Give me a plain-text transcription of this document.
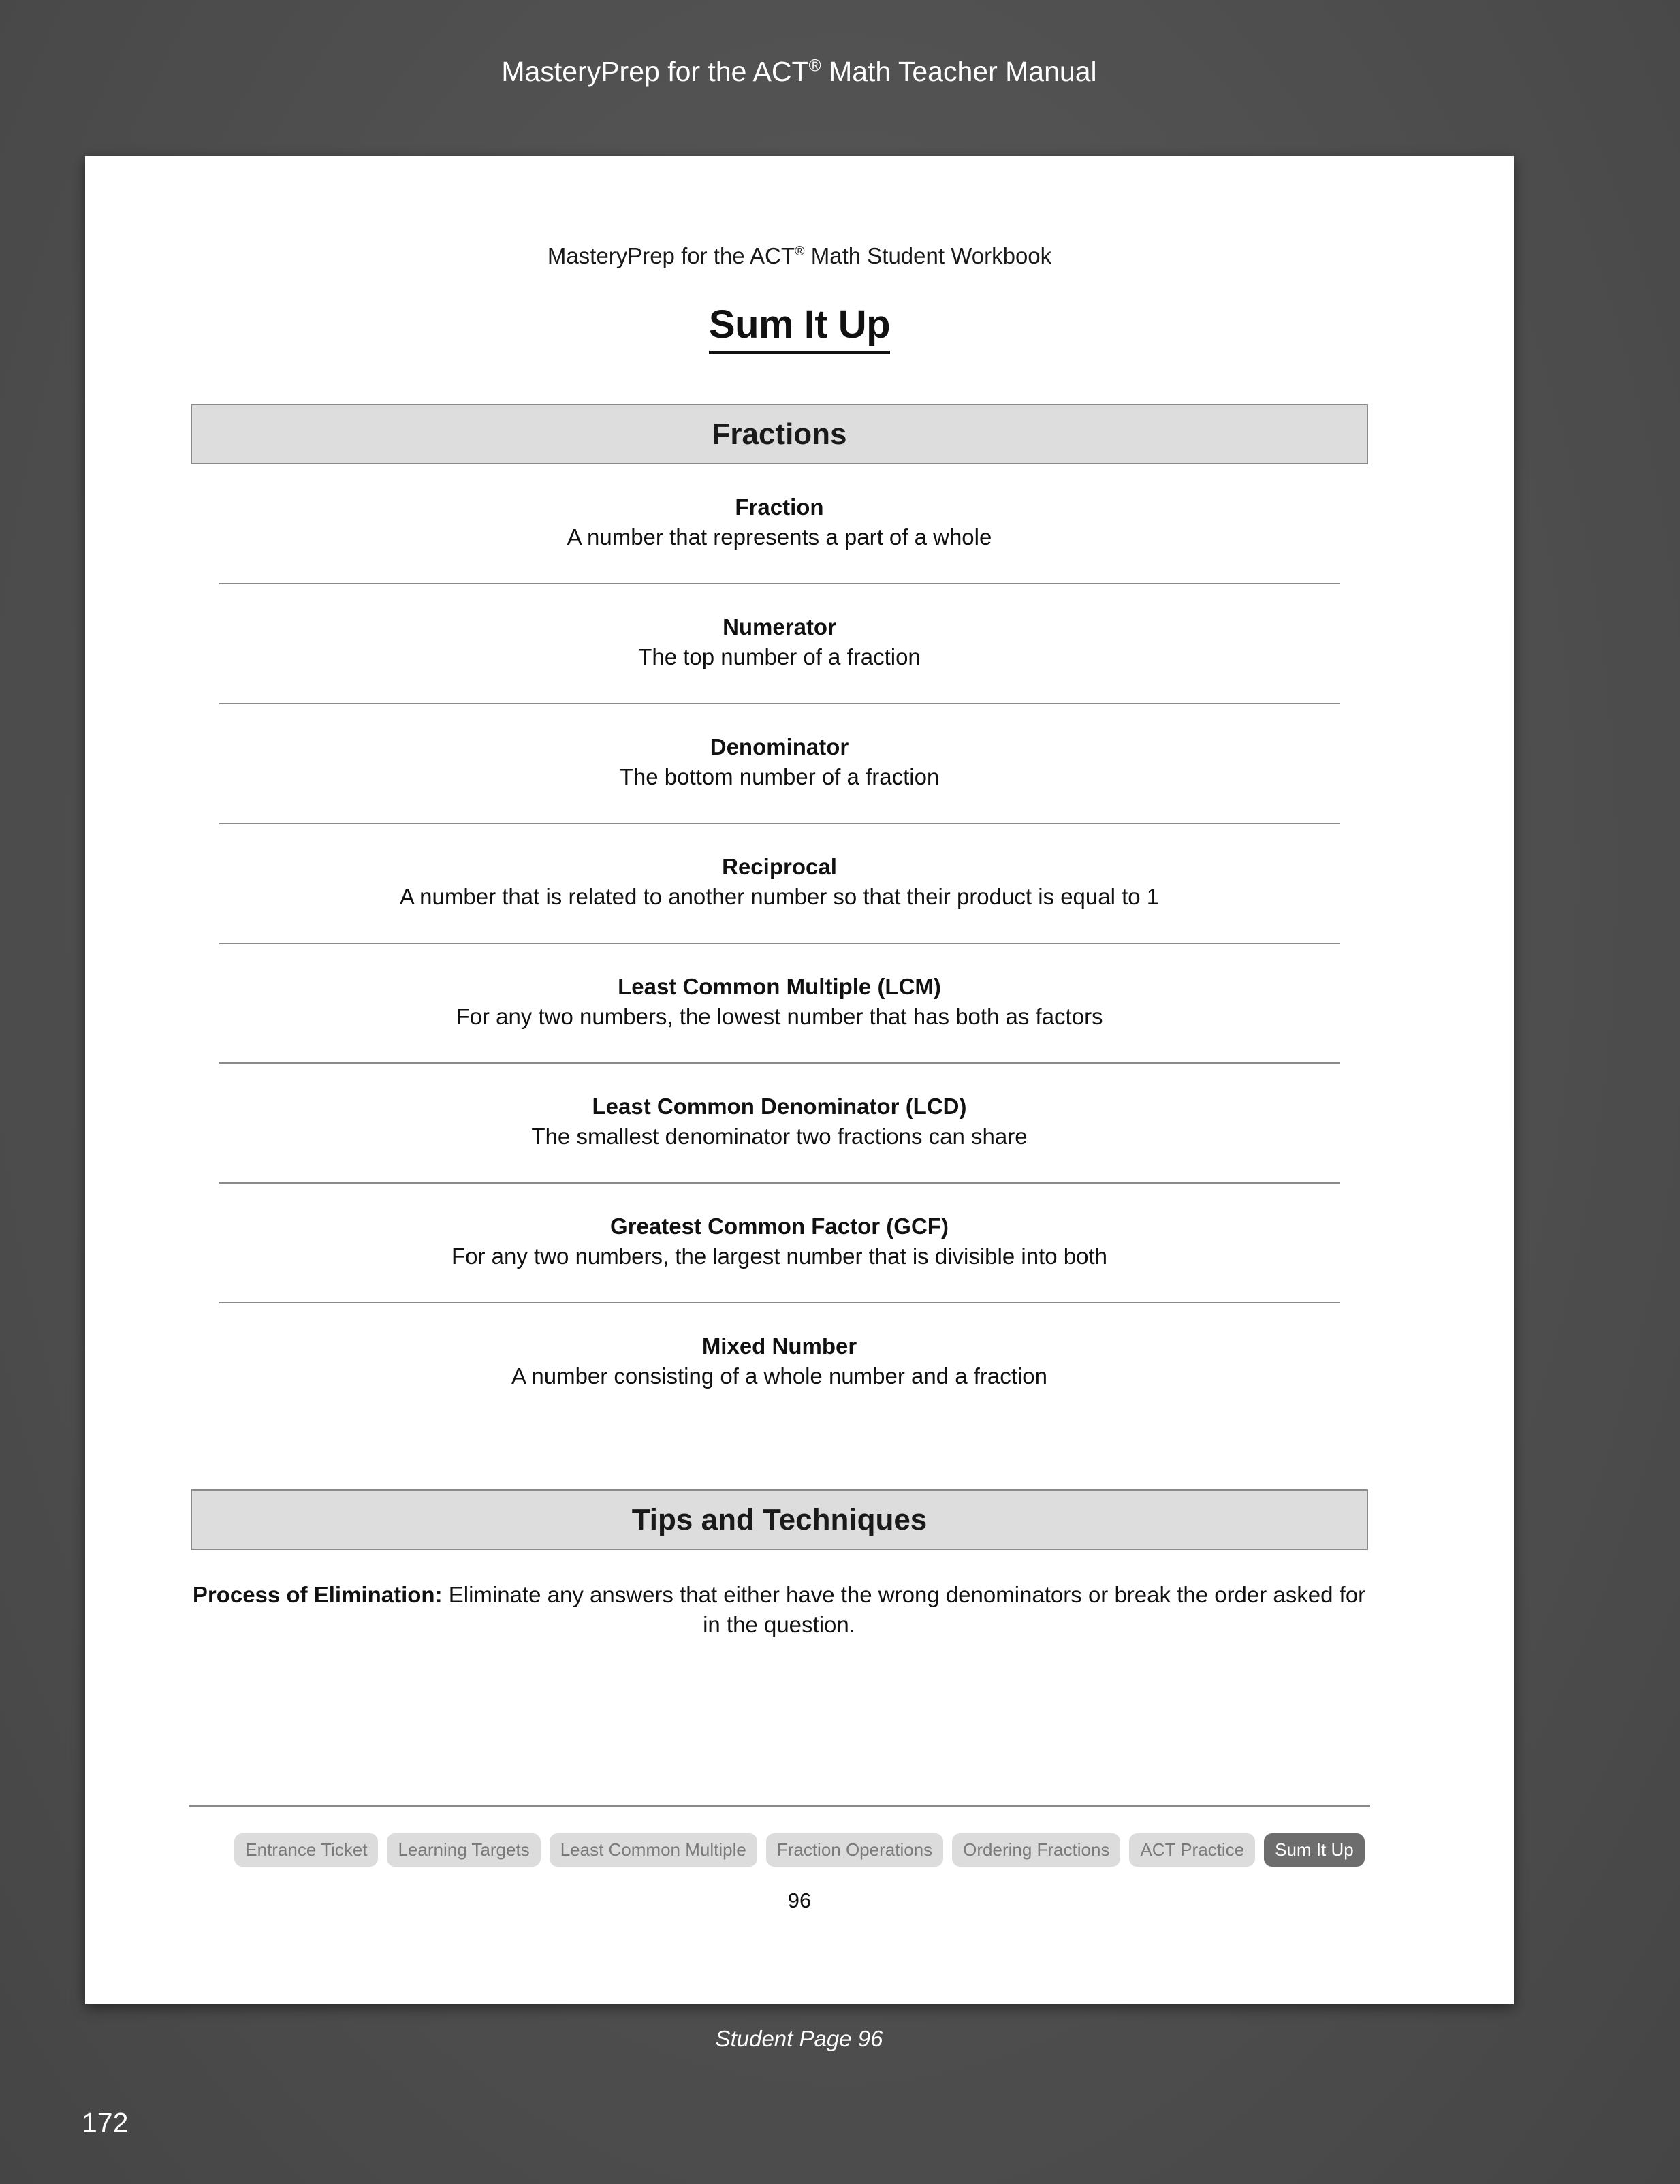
MasteryPrep for the ACT® Math Teacher Manual
MasteryPrep for the ACT® Math Student Workbook
Sum It Up
Fractions
Fraction
A number that represents a part of a whole
Numerator
The top number of a fraction
Denominator
The bottom number of a fraction
Reciprocal
A number that is related to another number so that their product is equal to 1
Least Common Multiple (LCM)
For any two numbers, the lowest number that has both as factors
Least Common Denominator (LCD)
The smallest denominator two fractions can share
Greatest Common Factor (GCF)
For any two numbers, the largest number that is divisible into both
Mixed Number
A number consisting of a whole number and a fraction
Tips and Techniques
Process of Elimination: Eliminate any answers that either have the wrong denominators or break the order asked for in the question.
Entrance Ticket	Learning Targets	Least Common Multiple	Fraction Operations	Ordering Fractions	ACT Practice	Sum It Up
96
Student Page 96
172
